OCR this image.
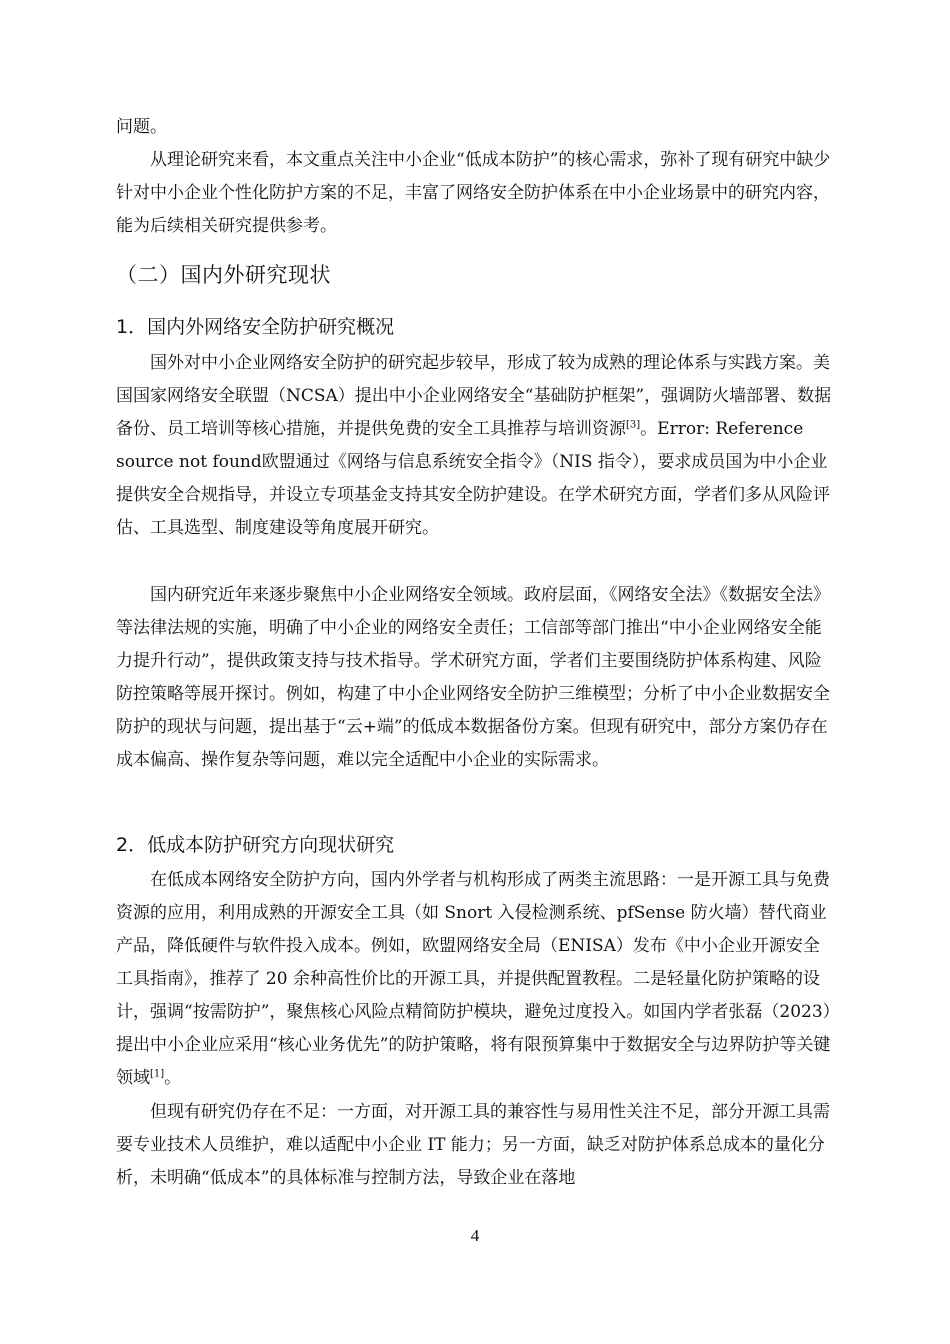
问题。

从理论研究来看，本文重点关注中小企业“低成本防护”的核心需求，弥补了现有研究中缺少针对中小企业个性化防护方案的不足，丰富了网络安全防护体系在中小企业场景中的研究内容，能为后续相关研究提供参考。

（二）国内外研究现状
1．国内外网络安全防护研究概况

国外对中小企业网络安全防护的研究起步较早，形成了较为成熟的理论体系与实践方案。美国国家网络安全联盟（NCSA）提出中小企业网络安全“基础防护框架”，强调防火墙部署、数据备份、员工培训等核心措施，并提供免费的安全工具推荐与培训资源[3]。Error: Reference source not found欧盟通过《网络与信息系统安全指令》（NIS 指令），要求成员国为中小企业提供安全合规指导，并设立专项基金支持其安全防护建设。在学术研究方面，学者们多从风险评估、工具选型、制度建设等角度展开研究。

国内研究近年来逐步聚焦中小企业网络安全领域。政府层面，《网络安全法》《数据安全法》等法律法规的实施，明确了中小企业的网络安全责任；工信部等部门推出“中小企业网络安全能力提升行动”，提供政策支持与技术指导。学术研究方面，学者们主要围绕防护体系构建、风险防控策略等展开探讨。例如，构建了中小企业网络安全防护三维模型；分析了中小企业数据安全防护的现状与问题，提出基于“云+端”的低成本数据备份方案。但现有研究中，部分方案仍存在成本偏高、操作复杂等问题，难以完全适配中小企业的实际需求。

2．低成本防护研究方向现状研究

在低成本网络安全防护方向，国内外学者与机构形成了两类主流思路：一是开源工具与免费资源的应用，利用成熟的开源安全工具（如 Snort 入侵检测系统、pfSense 防火墙）替代商业产品，降低硬件与软件投入成本。例如，欧盟网络安全局（ENISA）发布《中小企业开源安全工具指南》，推荐了 20 余种高性价比的开源工具，并提供配置教程。二是轻量化防护策略的设计，强调“按需防护”，聚焦核心风险点精简防护模块，避免过度投入。如国内学者张磊（2023）提出中小企业应采用“核心业务优先”的防护策略，将有限预算集中于数据安全与边界防护等关键领域[1]。

但现有研究仍存在不足：一方面，对开源工具的兼容性与易用性关注不足，部分开源工具需要专业技术人员维护，难以适配中小企业 IT 能力；另一方面，缺乏对防护体系总成本的量化分析，未明确“低成本”的具体标准与控制方法，导致企业在落地

4
